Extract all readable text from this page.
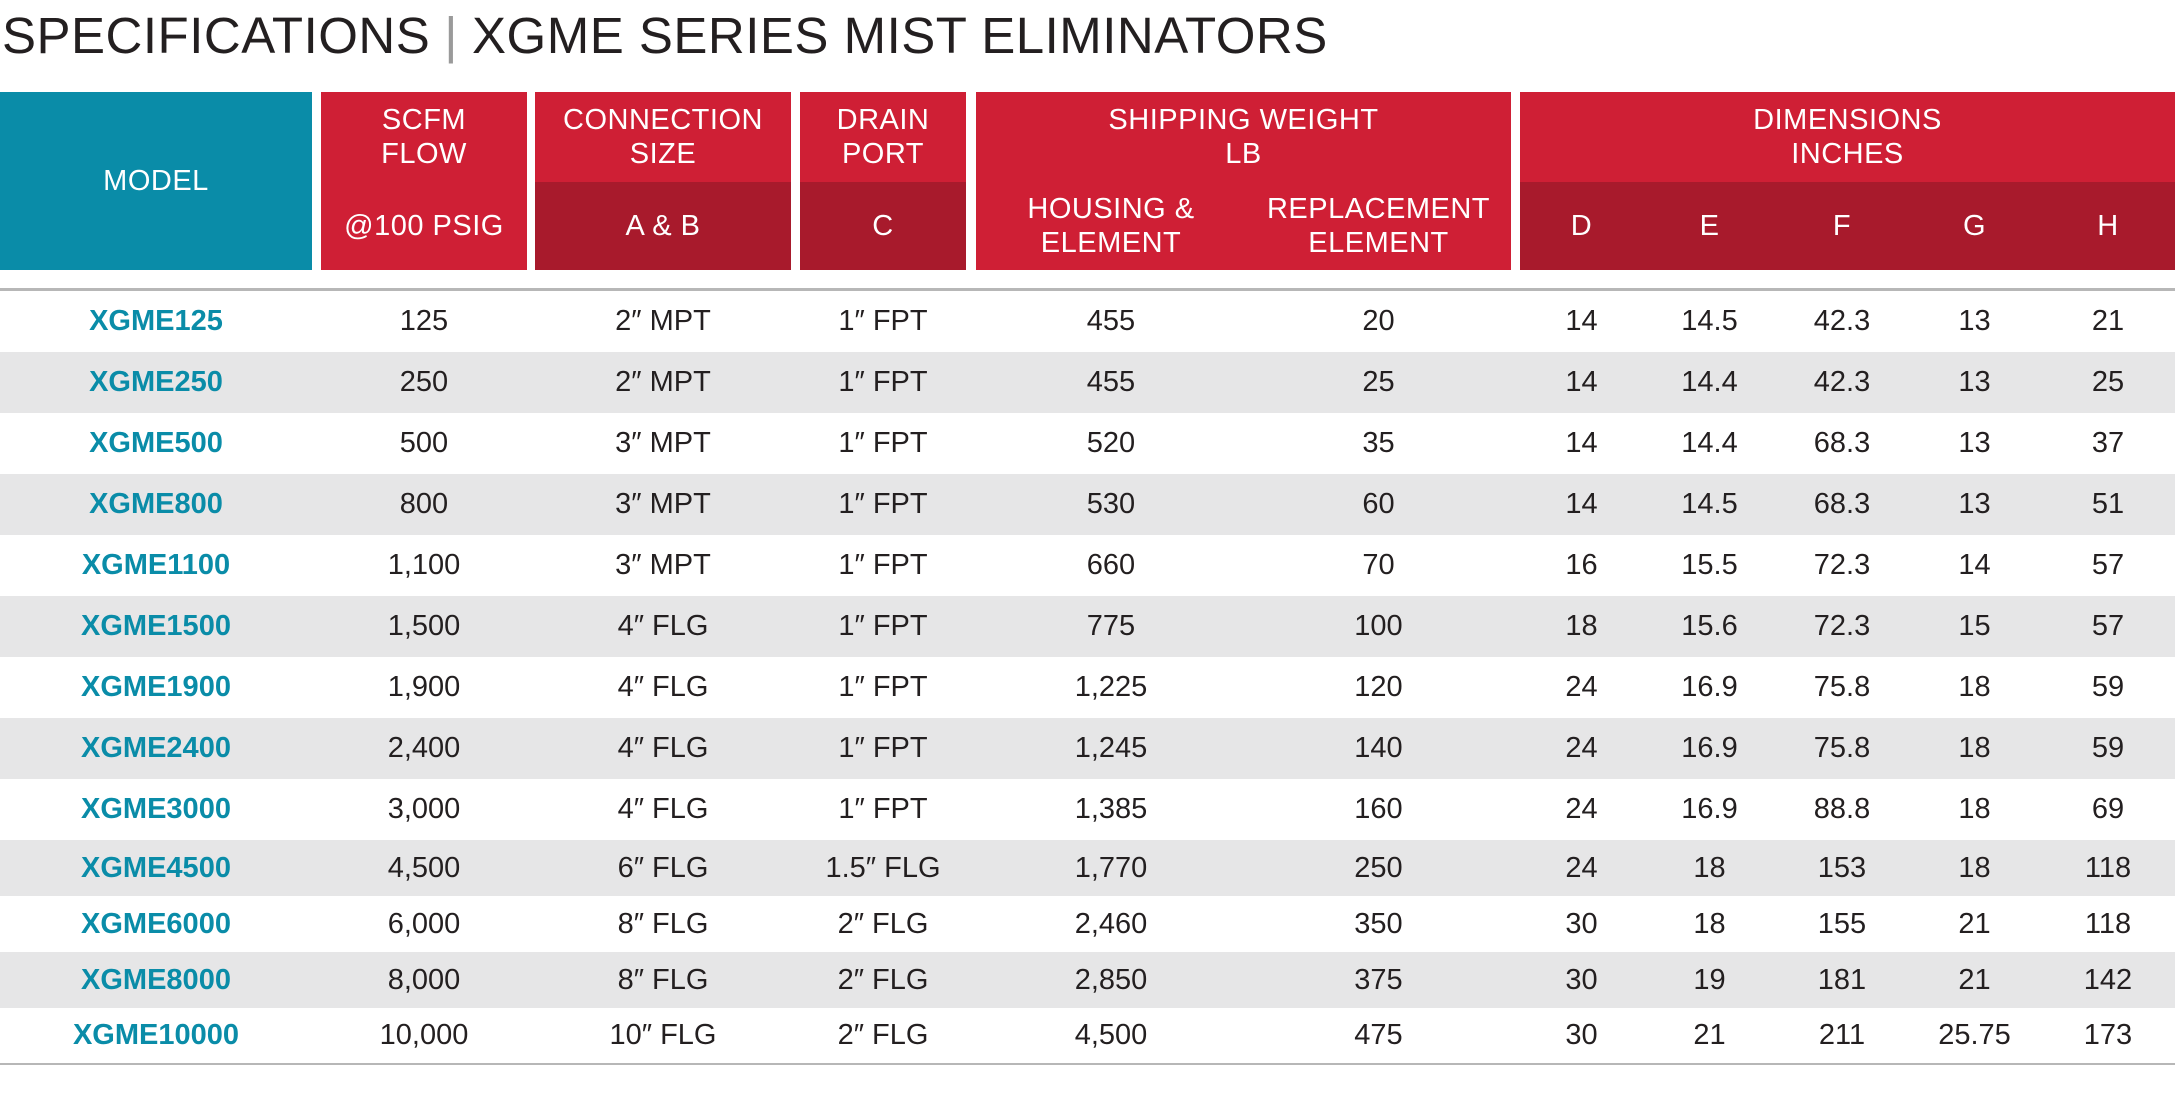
SPECIFICATIONS | XGME SERIES MIST ELIMINATORS
MODEL
SCFM
FLOW
@100 PSIG
CONNECTION
SIZE
A & B
DRAIN
PORT
C
SHIPPING WEIGHT
LB
HOUSING &
ELEMENT
REPLACEMENT
ELEMENT
DIMENSIONS
INCHES
D	E	F	G	H
XGME125	125	2″ MPT	1″ FPT	455	20	14	14.5	42.3	13	21
XGME250	250	2″ MPT	1″ FPT	455	25	14	14.4	42.3	13	25
XGME500	500	3″ MPT	1″ FPT	520	35	14	14.4	68.3	13	37
XGME800	800	3″ MPT	1″ FPT	530	60	14	14.5	68.3	13	51
XGME1100	1,100	3″ MPT	1″ FPT	660	70	16	15.5	72.3	14	57
XGME1500	1,500	4″ FLG	1″ FPT	775	100	18	15.6	72.3	15	57
XGME1900	1,900	4″ FLG	1″ FPT	1,225	120	24	16.9	75.8	18	59
XGME2400	2,400	4″ FLG	1″ FPT	1,245	140	24	16.9	75.8	18	59
XGME3000	3,000	4″ FLG	1″ FPT	1,385	160	24	16.9	88.8	18	69
XGME4500	4,500	6″ FLG	1.5″ FLG	1,770	250	24	18	153	18	118
XGME6000	6,000	8″ FLG	2″ FLG	2,460	350	30	18	155	21	118
XGME8000	8,000	8″ FLG	2″ FLG	2,850	375	30	19	181	21	142
XGME10000	10,000	10″ FLG	2″ FLG	4,500	475	30	21	211	25.75	173
